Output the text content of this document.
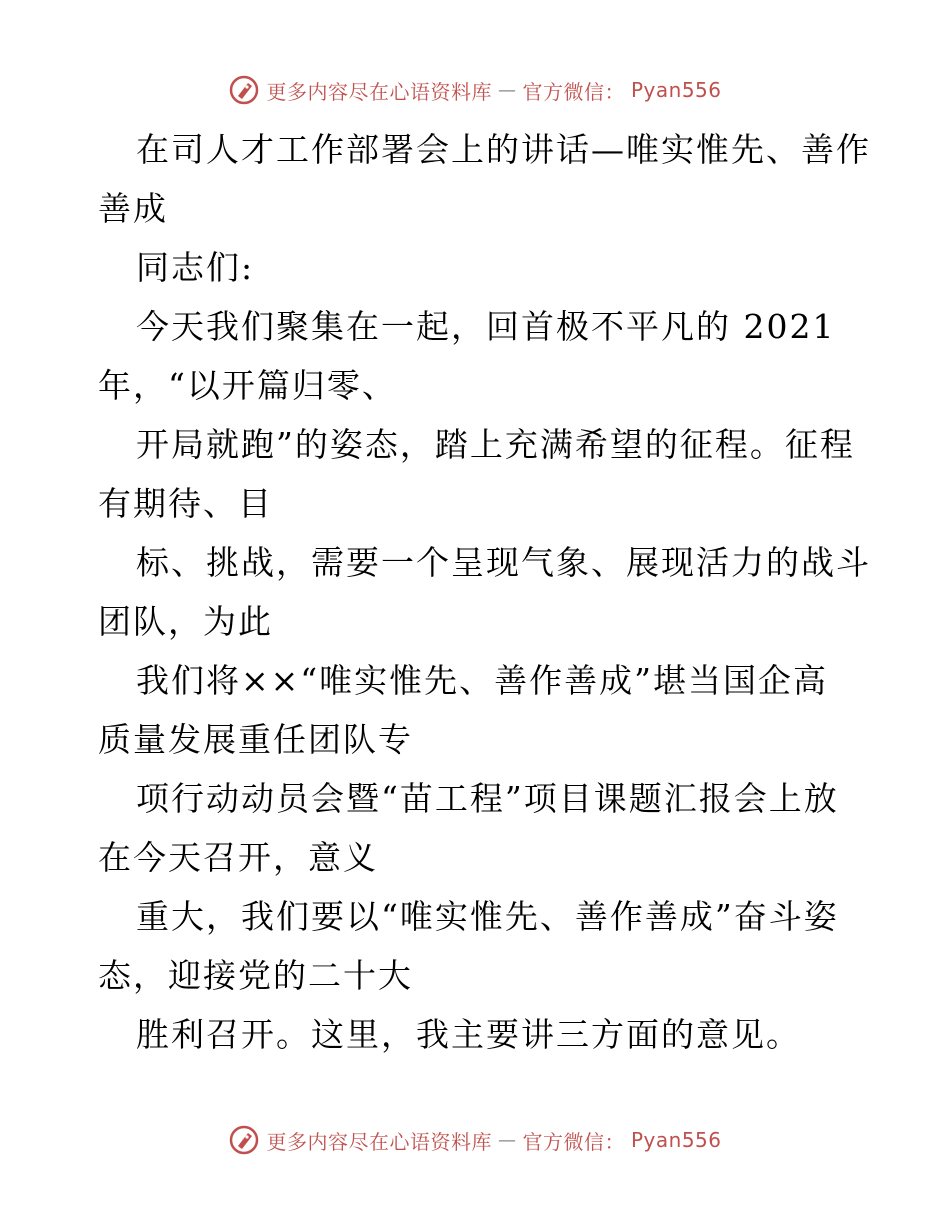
更多内容尽在心语资料库 — 官方微信： Pyan556
在司人才工作部署会上的讲话—唯实惟先、善作
善成
同志们:
今天我们聚集在一起，回首极不平凡的 2021
年，“以开篇归零、
开局就跑”的姿态，踏上充满希望的征程。征程
有期待、目
标、挑战，需要一个呈现气象、展现活力的战斗
团队，为此
我们将××“唯实惟先、善作善成”堪当国企高
质量发展重任团队专
项行动动员会暨“苗工程”项目课题汇报会上放
在今天召开，意义
重大，我们要以“唯实惟先、善作善成”奋斗姿
态，迎接党的二十大
胜利召开。这里，我主要讲三方面的意见。
更多内容尽在心语资料库 — 官方微信： Pyan556
